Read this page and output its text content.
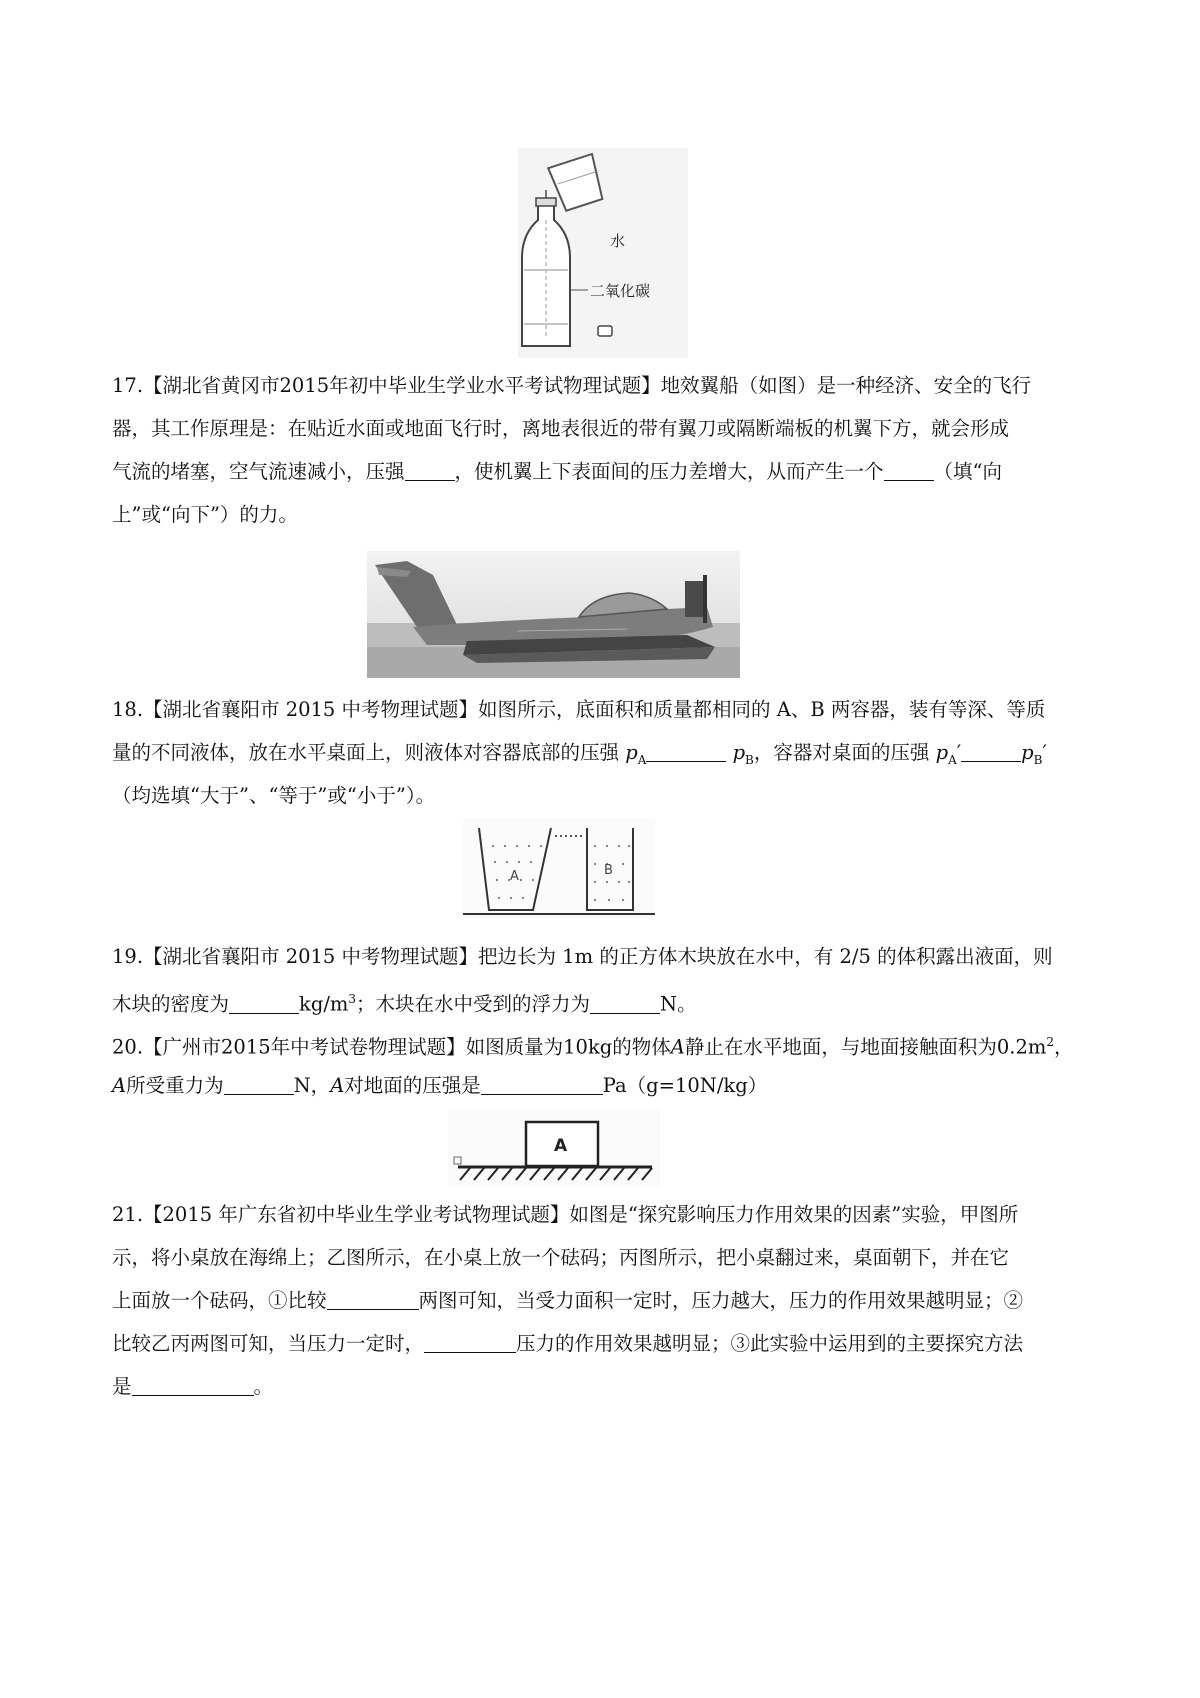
水
二氧化碳
17.【湖北省黄冈市2015年初中毕业生学业水平考试物理试题】地效翼船（如图）是一种经济、安全的飞行
器，其工作原理是：在贴近水面或地面飞行时，离地表很近的带有翼刀或隔断端板的机翼下方，就会形成
气流的堵塞，空气流速减小，压强	，使机翼上下表面间的压力差增大，从而产生一个	（填“向
上”或“向下”）的力。
18.【湖北省襄阳市 2015 中考物理试题】如图所示，底面积和质量都相同的 A、B 两容器，装有等深、等质
量的不同液体，放在水平桌面上，则液体对容器底部的压强 $p_A$	$p_B$，容器对桌面的压强 $p_A'$	$p_B'$
（均选填“大于”、“等于”或“小于”）。
A	B
19.【湖北省襄阳市 2015 中考物理试题】把边长为 1m 的正方体木块放在水中，有 2/5 的体积露出液面，则
木块的密度为	$kg/m^3$；木块在水中受到的浮力为	N。
20.【广州市2015年中考试卷物理试题】如图质量为10kg的物体A静止在水平地面，与地面接触面积为$0.2m^2$，
A所受重力为	N，A对地面的压强是	Pa（g=10N/kg）
A
21.【2015 年广东省初中毕业生学业考试物理试题】如图是“探究影响压力作用效果的因素”实验，甲图所
示，将小桌放在海绵上；乙图所示，在小桌上放一个砝码；丙图所示，把小桌翻过来，桌面朝下，并在它
上面放一个砝码，①比较	两图可知，当受力面积一定时，压力越大，压力的作用效果越明显；②
比较乙丙两图可知，当压力一定时，	压力的作用效果越明显；③此实验中运用到的主要探究方法
是	。
